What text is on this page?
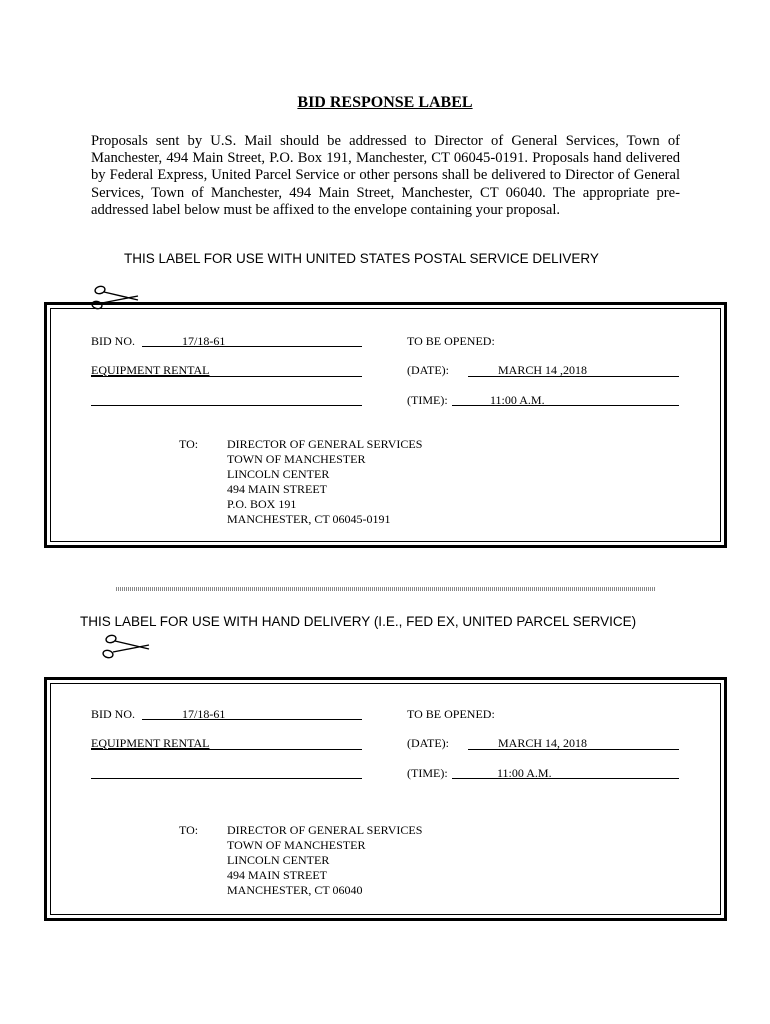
BID RESPONSE LABEL
Proposals sent by U.S. Mail should be addressed to Director of General Services, Town of Manchester, 494 Main Street, P.O. Box 191, Manchester, CT 06045-0191. Proposals hand delivered by Federal Express, United Parcel Service or other persons shall be delivered to Director of General Services, Town of Manchester, 494 Main Street, Manchester, CT 06040. The appropriate pre-addressed label below must be affixed to the envelope containing your proposal.
THIS LABEL FOR USE WITH UNITED STATES POSTAL SERVICE DELIVERY
BID NO.	17/18-61
EQUIPMENT RENTAL
TO BE OPENED:
(DATE):	MARCH 14 ,2018
(TIME):	11:00 A.M.
TO: DIRECTOR OF GENERAL SERVICES
TOWN OF MANCHESTER
LINCOLN CENTER
494 MAIN STREET
P.O. BOX 191
MANCHESTER, CT 06045-0191
THIS LABEL FOR USE WITH HAND DELIVERY (I.E., FED EX, UNITED PARCEL SERVICE)
BID NO.	17/18-61
EQUIPMENT RENTAL
TO BE OPENED:
(DATE):	MARCH 14, 2018
(TIME):	11:00 A.M.
TO: DIRECTOR OF GENERAL SERVICES
TOWN OF MANCHESTER
LINCOLN CENTER
494 MAIN STREET
MANCHESTER, CT 06040
